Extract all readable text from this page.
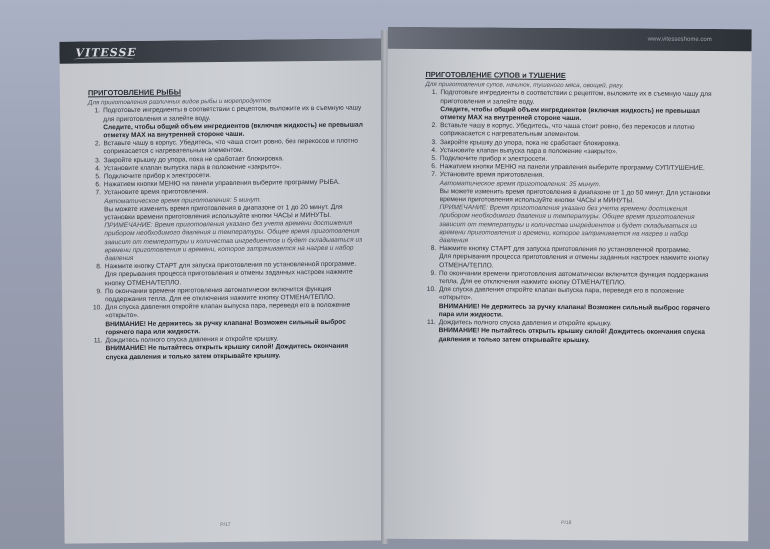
VITESSE
ПРИГОТОВЛЕНИЕ РЫБЫ
Для приготовления различных видов рыбы и морепродуктов
1. Подготовьте ингредиенты в соответствии с рецептом, выложите их в съемную чашу для приготовления и залейте воду.
Следите, чтобы общий объем ингредиентов (включая жидкость) не превышал отметку MAX на внутренней стороне чаши.
2. Вставьте чашу в корпус. Убедитесь, что чаша стоит ровно, без перекосов и плотно соприкасается с нагревательным элементом.
3. Закройте крышку до упора, пока не сработает блокировка.
4. Установите клапан выпуска пара в положение «закрыто».
5. Подключите прибор к электросети.
6. Нажатием кнопки МЕНЮ на панели управления выберите программу РЫБА.
7. Установите время приготовления.
Автоматическое время приготовления: 5 минут.
Вы можете изменить время приготовления в диапазоне от 1 до 20 минут. Для установки времени приготовления используйте кнопки ЧАСЫ и МИНУТЫ.
ПРИМЕЧАНИЕ: Время приготовления указано без учета времени достижения прибором необходимого давления и температуры. Общее время приготовления зависит от температуры и количества ингредиентов и будет складываться из времени приготовления и времени, которое затрачивается на нагрев и набор давления
8. Нажмите кнопку СТАРТ для запуска приготовления по установленной программе.
Для прерывания процесса приготовления и отмены заданных настроек нажмите кнопку ОТМЕНА/ТЕПЛО.
9. По окончании времени приготовления автоматически включится функция поддержания тепла. Для ее отключения нажмите кнопку ОТМЕНА/ТЕПЛО.
10. Для спуска давления откройте клапан выпуска пара, переведя его в положение «открыто».
ВНИМАНИЕ! Не держитесь за ручку клапана! Возможен сильный выброс горячего пара или жидкости.
11. Дождитесь полного спуска давления и откройте крышку.
ВНИМАНИЕ! Не пытайтесь открыть крышку силой! Дождитесь окончания спуска давления и только затем открывайте крышку.
P/17
www.vitesseshome.com
ПРИГОТОВЛЕНИЕ СУПОВ и ТУШЕНИЕ
Для приготовления супов, начинок, тушеного мяса, овощей, рагу.
1. Подготовьте ингредиенты в соответствии с рецептом, выложите их в съемную чашу для приготовления и залейте воду.
Следите, чтобы общий объем ингредиентов (включая жидкость) не превышал отметку MAX на внутренней стороне чаши.
2. Вставьте чашу в корпус. Убедитесь, что чаша стоит ровно, без перекосов и плотно соприкасается с нагревательным элементом.
3. Закройте крышку до упора, пока не сработает блокировка.
4. Установите клапан выпуска пара в положение «закрыто».
5. Подключите прибор к электросети.
6. Нажатием кнопки МЕНЮ на панели управления выберите программу СУП/ТУШЕНИЕ.
7. Установите время приготовления.
Автоматическое время приготовления: 35 минут.
Вы можете изменить время приготовления в диапазоне от 1 до 50 минут. Для установки времени приготовления используйте кнопки ЧАСЫ и МИНУТЫ.
ПРИМЕЧАНИЕ: Время приготовления указано без учета времени достижения прибором необходимого давления и температуры. Общее время приготовления зависит от температуры и количества ингредиентов и будет складываться из времени приготовления и времени, которое затрачивается на нагрев и набор давления
8. Нажмите кнопку СТАРТ для запуска приготовления по установленной программе.
Для прерывания процесса приготовления и отмены заданных настроек нажмите кнопку ОТМЕНА/ТЕПЛО.
9. По окончании времени приготовления автоматически включится функция поддержания тепла. Для ее отключения нажмите кнопку ОТМЕНА/ТЕПЛО.
10. Для спуска давления откройте клапан выпуска пара, переведя его в положение «открыто».
ВНИМАНИЕ! Не держитесь за ручку клапана! Возможен сильный выброс горячего пара или жидкости.
11. Дождитесь полного спуска давления и откройте крышку.
ВНИМАНИЕ! Не пытайтесь открыть крышку силой! Дождитесь окончания спуска давления и только затем открывайте крышку.
P/18
